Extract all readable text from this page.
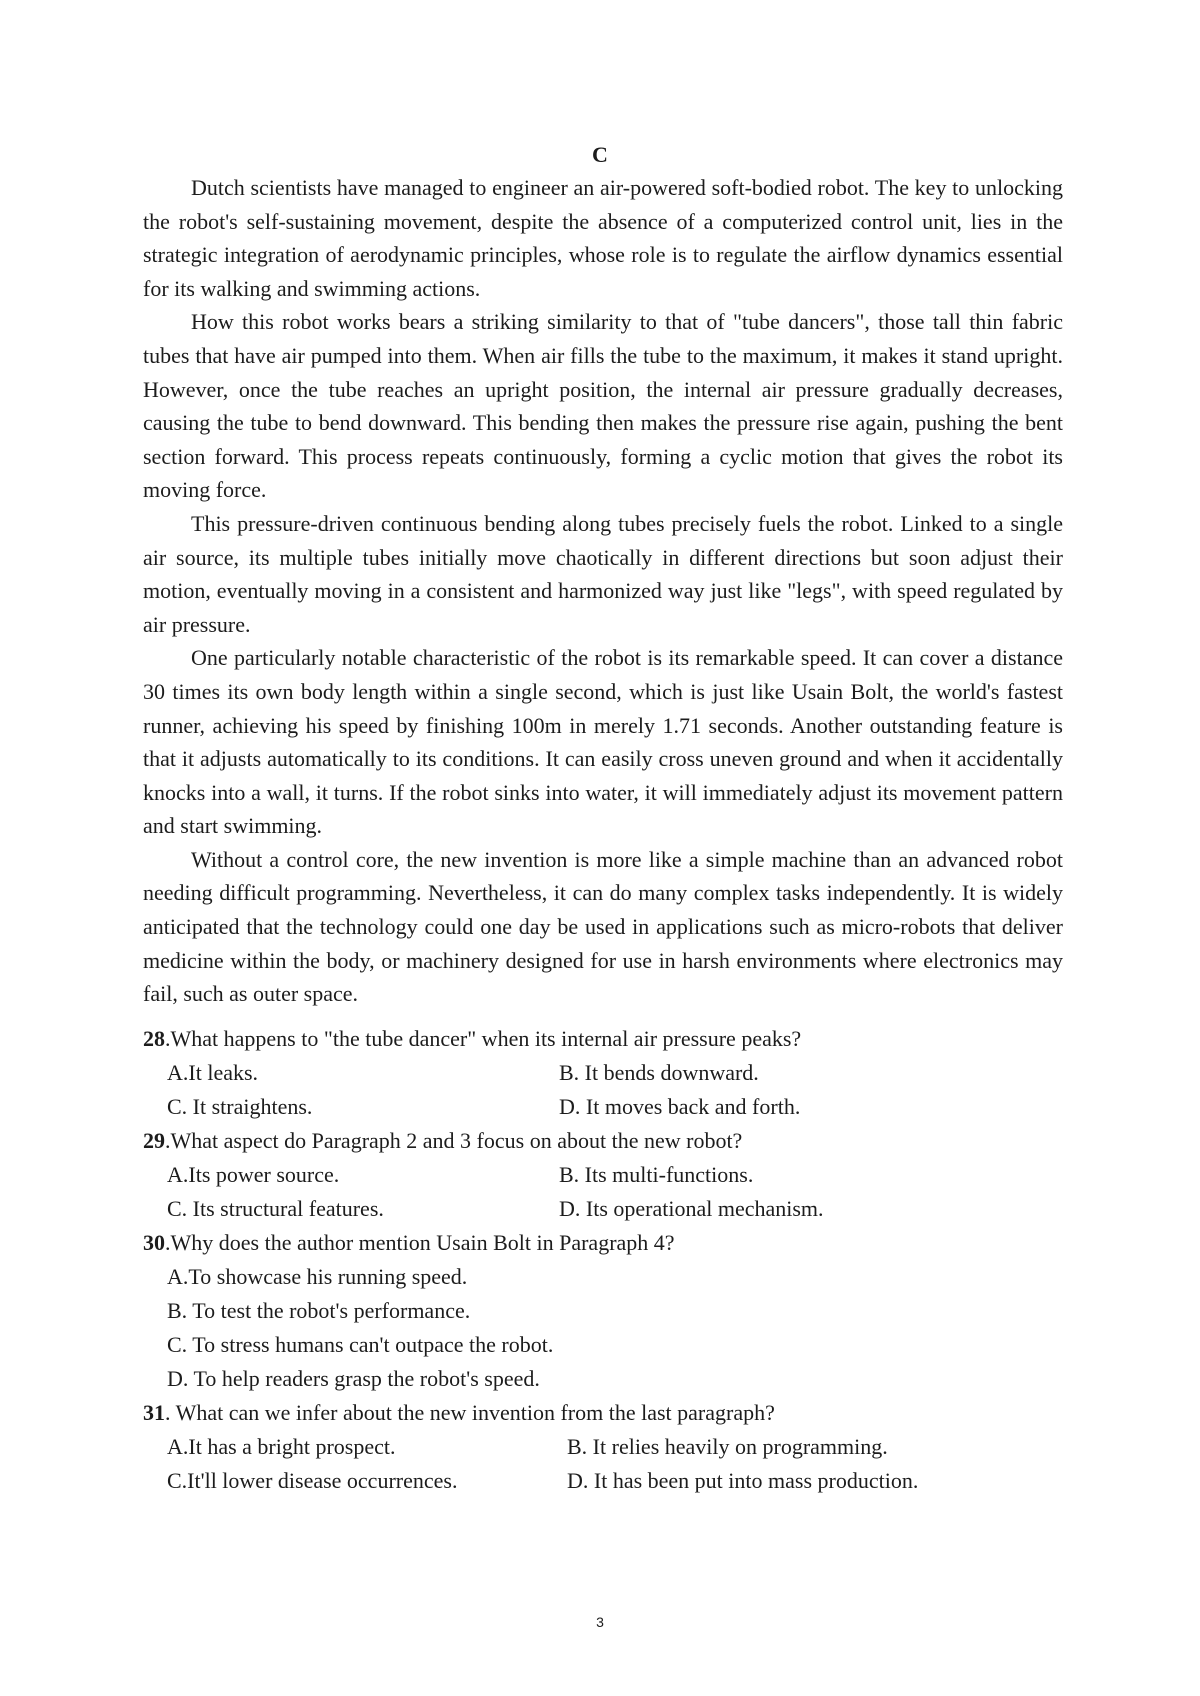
C

Dutch scientists have managed to engineer an air-powered soft-bodied robot. The key to unlocking the robot's self-sustaining movement, despite the absence of a computerized control unit, lies in the strategic integration of aerodynamic principles, whose role is to regulate the airflow dynamics essential for its walking and swimming actions.

How this robot works bears a striking similarity to that of "tube dancers", those tall thin fabric tubes that have air pumped into them. When air fills the tube to the maximum, it makes it stand upright. However, once the tube reaches an upright position, the internal air pressure gradually decreases, causing the tube to bend downward. This bending then makes the pressure rise again, pushing the bent section forward. This process repeats continuously, forming a cyclic motion that gives the robot its moving force.

This pressure-driven continuous bending along tubes precisely fuels the robot. Linked to a single air source, its multiple tubes initially move chaotically in different directions but soon adjust their motion, eventually moving in a consistent and harmonized way just like "legs", with speed regulated by air pressure.

One particularly notable characteristic of the robot is its remarkable speed. It can cover a distance 30 times its own body length within a single second, which is just like Usain Bolt, the world's fastest runner, achieving his speed by finishing 100m in merely 1.71 seconds. Another outstanding feature is that it adjusts automatically to its conditions. It can easily cross uneven ground and when it accidentally knocks into a wall, it turns. If the robot sinks into water, it will immediately adjust its movement pattern and start swimming.

Without a control core, the new invention is more like a simple machine than an advanced robot needing difficult programming. Nevertheless, it can do many complex tasks independently. It is widely anticipated that the technology could one day be used in applications such as micro-robots that deliver medicine within the body, or machinery designed for use in harsh environments where electronics may fail, such as outer space.

28.What happens to "the tube dancer" when its internal air pressure peaks?
A.It leaks.	B. It bends downward.
C. It straightens.	D. It moves back and forth.
29.What aspect do Paragraph 2 and 3 focus on about the new robot?
A.Its power source.	B. Its multi-functions.
C. Its structural features.	D. Its operational mechanism.
30.Why does the author mention Usain Bolt in Paragraph 4?
A.To showcase his running speed.
B. To test the robot's performance.
C. To stress humans can't outpace the robot.
D. To help readers grasp the robot's speed.
31. What can we infer about the new invention from the last paragraph?
A.It has a bright prospect.	B. It relies heavily on programming.
C.It'll lower disease occurrences.	D. It has been put into mass production.
3
